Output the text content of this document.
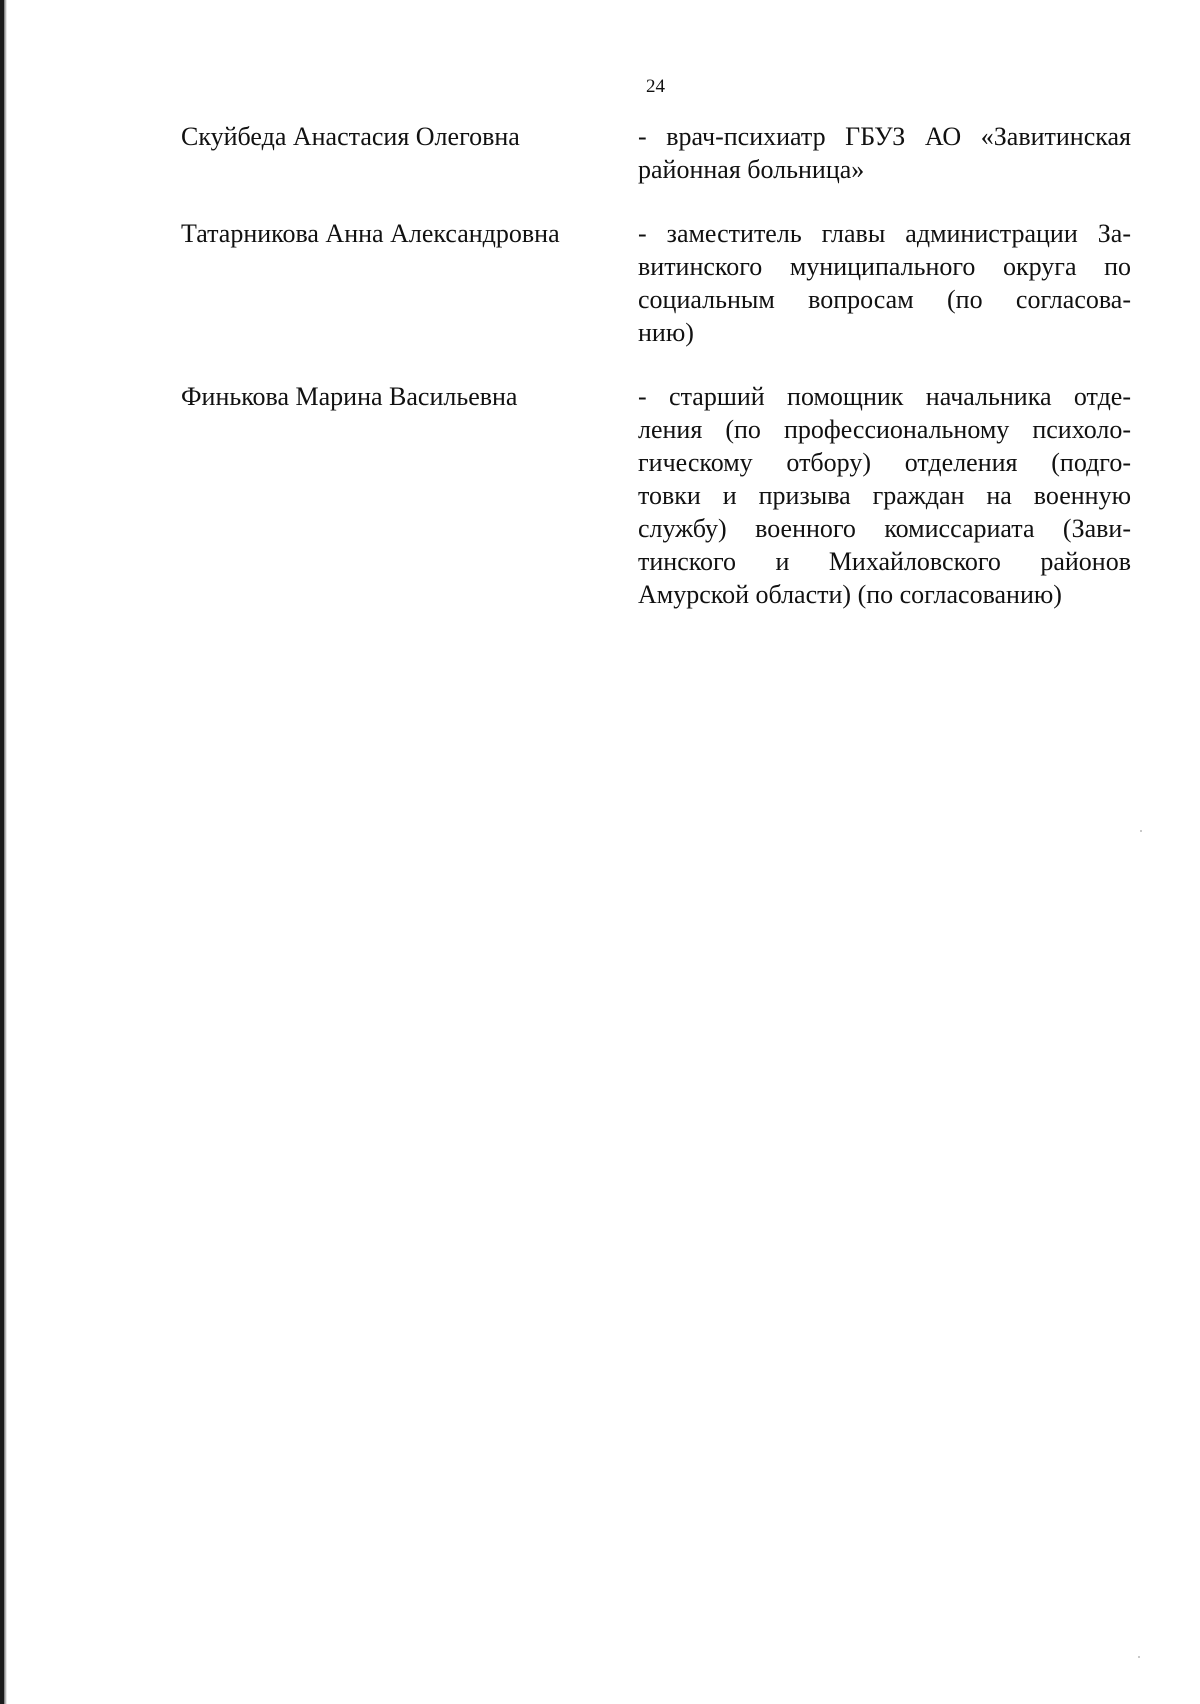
24
Скуйбеда Анастасия Олеговна	- врач-психиатр ГБУЗ АО «Завитинская
районная больница»
Татарникова Анна Александровна	- заместитель главы администрации За-
витинского муниципального округа по
социальным вопросам (по согласова-
нию)
Финькова Марина Васильевна	- старший помощник начальника отде-
ления (по профессиональному психоло-
гическому отбору) отделения (подго-
товки и призыва граждан на военную
службу) военного комиссариата (Зави-
тинского и Михайловского районов
Амурской области) (по согласованию)
